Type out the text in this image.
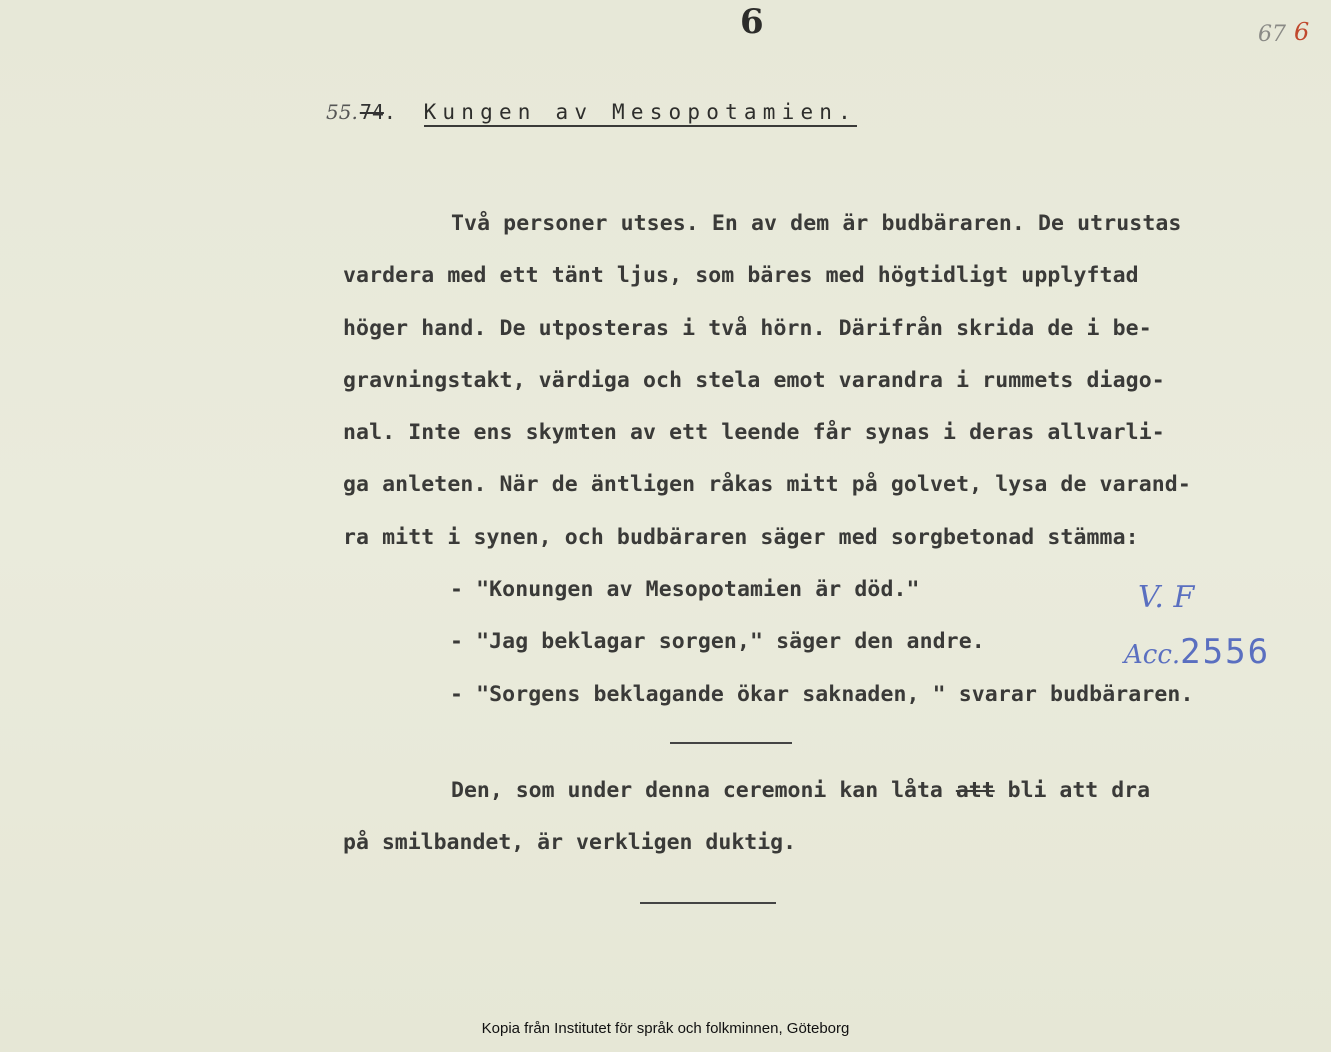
6	67 6
55. 74. Kungen av Mesopotamien.
Två personer utses. En av dem är budbäraren. De utrustas
vardera med ett tänt ljus, som bäres med högtidligt upplyftad
höger hand. De utposteras i två hörn. Därifrån skrida de i be-
gravningstakt, värdiga och stela emot varandra i rummets diago-
nal. Inte ens skymten av ett leende får synas i deras allvarli-
ga anleten. När de äntligen råkas mitt på golvet, lysa de varand-
ra mitt i synen, och budbäraren säger med sorgbetonad stämma:
- "Konungen av Mesopotamien är död."
- "Jag beklagar sorgen," säger den andre.
- "Sorgens beklagande ökar saknaden, " svarar budbäraren.
Den, som under denna ceremoni kan låta att bli att dra
på smilbandet, är verkligen duktig.
V. F
Acc.2556
Kopia från Institutet för språk och folkminnen, Göteborg
